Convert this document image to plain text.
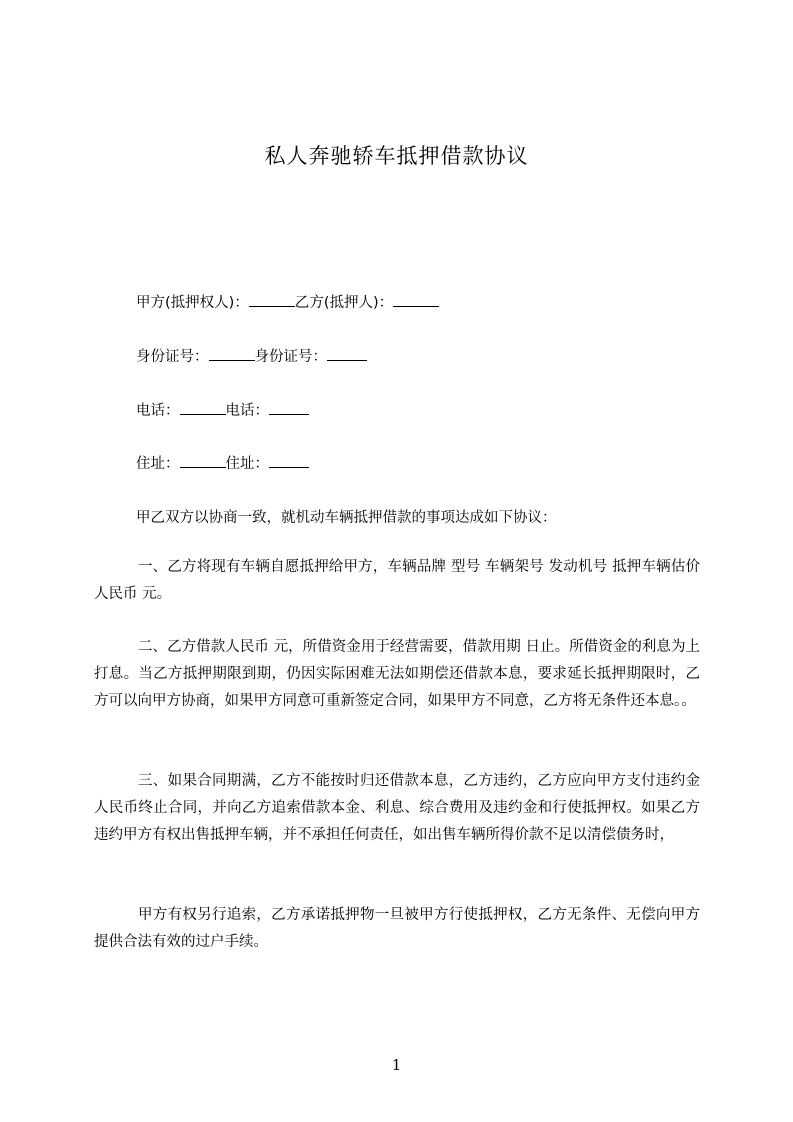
私人奔驰轿车抵押借款协议
甲方(抵押权人)：	乙方(抵押人)：
身份证号：	身份证号：
电话：	电话：
住址：	住址：
甲乙双方以协商一致，就机动车辆抵押借款的事项达成如下协议：
一、乙方将现有车辆自愿抵押给甲方，车辆品牌 型号 车辆架号 发动机号 抵押车辆估价人民币 元。
二、乙方借款人民币 元，所借资金用于经营需要，借款用期 日止。所借资金的利息为上打息。当乙方抵押期限到期，仍因实际困难无法如期偿还借款本息，要求延长抵押期限时，乙方可以向甲方协商，如果甲方同意可重新签定合同，如果甲方不同意，乙方将无条件还本息。。
三、如果合同期满，乙方不能按时归还借款本息，乙方违约，乙方应向甲方支付违约金人民币终止合同，并向乙方追索借款本金、利息、综合费用及违约金和行使抵押权。如果乙方违约甲方有权出售抵押车辆，并不承担任何责任，如出售车辆所得价款不足以清偿债务时，
甲方有权另行追索，乙方承诺抵押物一旦被甲方行使抵押权，乙方无条件、无偿向甲方提供合法有效的过户手续。
1
